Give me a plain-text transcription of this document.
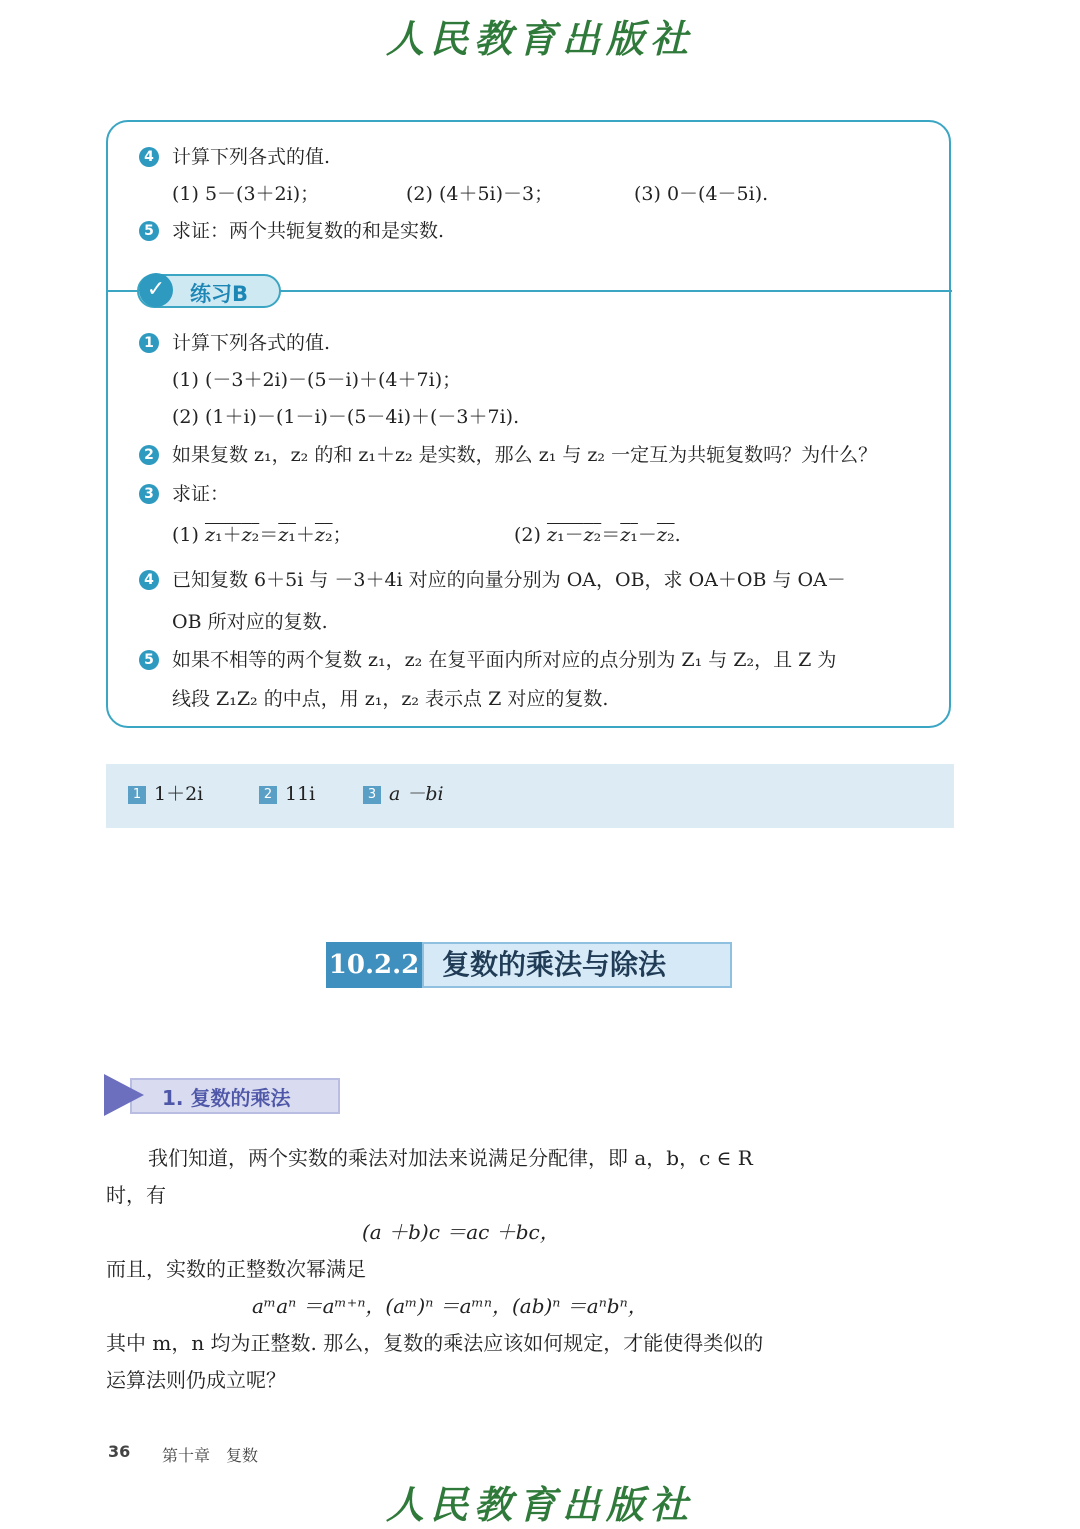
人民教育出版社
4 计算下列各式的值.
(1) 5－(3＋2i)；	(2) (4＋5i)－3；	(3) 0－(4－5i).
5 求证：两个共轭复数的和是实数.
✓	练习B
1 计算下列各式的值.
(1) (－3＋2i)－(5－i)＋(4＋7i)；
(2) (1＋i)－(1－i)－(5－4i)＋(－3＋7i).
2 如果复数 z₁，z₂ 的和 z₁＋z₂ 是实数，那么 z₁ 与 z₂ 一定互为共轭复数吗？为什么？
3 求证：
(1) z₁＋z₂＝z₁＋z₂；	(2) z₁－z₂＝z₁－z₂.
4 已知复数 6＋5i 与 －3＋4i 对应的向量分别为 OA，OB，求 OA＋OB 与 OA－
OB 所对应的复数.
5 如果不相等的两个复数 z₁，z₂ 在复平面内所对应的点分别为 Z₁ 与 Z₂，且 Z 为
线段 Z₁Z₂ 的中点，用 z₁，z₂ 表示点 Z 对应的复数.
1 1＋2i	2 11i	3 a －bi
10.2.2 复数的乘法与除法
1. 复数的乘法
我们知道，两个实数的乘法对加法来说满足分配律，即 a，b，c ∈ R
时，有
(a ＋b)c ＝ac ＋bc，
而且，实数的正整数次幂满足
aᵐaⁿ ＝aᵐ⁺ⁿ，(aᵐ)ⁿ ＝aᵐⁿ，(ab)ⁿ ＝aⁿbⁿ，
其中 m，n 均为正整数. 那么，复数的乘法应该如何规定，才能使得类似的
运算法则仍成立呢？
36 第十章　复数
人民教育出版社
